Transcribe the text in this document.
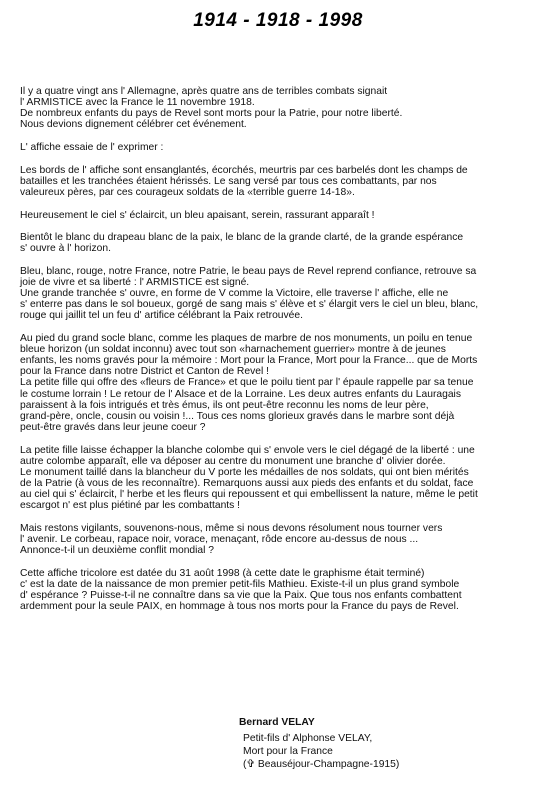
1914 - 1918 - 1998
Il y a quatre vingt ans l' Allemagne, après quatre ans de terribles combats signait
l' ARMISTICE avec la France le 11 novembre 1918.
De nombreux enfants du pays de Revel sont morts pour la Patrie, pour notre liberté.
Nous devions dignement célébrer cet événement.
L' affiche essaie de l' exprimer :
Les bords de l' affiche sont ensanglantés, écorchés, meurtris par ces barbelés dont les champs de
batailles et les tranchées étaient hérissés. Le sang versé par tous ces combattants, par nos
valeureux pères, par ces courageux soldats de la «terrible guerre 14-18».
Heureusement le ciel s' éclaircit, un bleu apaisant, serein, rassurant apparaît !
Bientôt le blanc du drapeau blanc de la paix, le blanc de la grande clarté, de la grande espérance
s' ouvre à l' horizon.
Bleu, blanc, rouge, notre France, notre Patrie, le beau pays de Revel reprend confiance, retrouve sa
joie de vivre et sa liberté : l' ARMISTICE est signé.
Une grande tranchée s' ouvre, en forme de V comme la Victoire, elle traverse l' affiche, elle ne
s' enterre pas dans le sol boueux, gorgé de sang mais s' élève et s' élargit vers le ciel un bleu, blanc,
rouge qui jaillit tel un feu d' artifice célébrant la Paix retrouvée.
Au pied du grand socle blanc, comme les plaques de marbre de nos monuments, un poilu en tenue
bleue horizon (un soldat inconnu) avec tout son «harnachement guerrier» montre à de jeunes
enfants, les noms gravés pour la mémoire : Mort pour la France, Mort pour la France... que de Morts
pour la France dans notre District et Canton de Revel !
La petite fille qui offre des «fleurs de France» et que le poilu tient par l' épaule rappelle par sa tenue
le costume lorrain ! Le retour de l' Alsace et de la Lorraine. Les deux autres enfants du Lauragais
paraissent à la fois intrigués et très émus, ils ont peut-être reconnu les noms de leur père,
grand-père, oncle, cousin ou voisin !... Tous ces noms glorieux gravés dans le marbre sont déjà
peut-être gravés dans leur jeune coeur ?
La petite fille laisse échapper la blanche colombe qui s' envole vers le ciel dégagé de la liberté : une
autre colombe apparaît, elle va déposer au centre du monument une branche d' olivier dorée.
Le monument taillé dans la blancheur du V porte les médailles de nos soldats, qui ont bien mérités
de la Patrie (à vous de les reconnaître). Remarquons aussi aux pieds des enfants et du soldat, face
au ciel qui s' éclaircit, l' herbe et les fleurs qui repoussent et qui embellissent la nature, même le petit
escargot n' est plus piétiné par les combattants !
Mais restons vigilants, souvenons-nous, même si nous devons résolument nous tourner vers
l' avenir. Le corbeau, rapace noir, vorace, menaçant, rôde encore au-dessus de nous ...
Annonce-t-il un deuxième conflit mondial ?
Cette affiche tricolore est datée du 31 août 1998 (à cette date le graphisme était terminé)
c' est la date de la naissance de mon premier petit-fils Mathieu. Existe-t-il un plus grand symbole
d' espérance ? Puisse-t-il ne connaître dans sa vie que la Paix. Que tous nos enfants combattent
ardemment pour la seule PAIX, en hommage à tous nos morts pour la France du pays de Revel.
Bernard VELAY
Petit-fils d' Alphonse VELAY,
Mort pour la France
(✞ Beauséjour-Champagne-1915)
